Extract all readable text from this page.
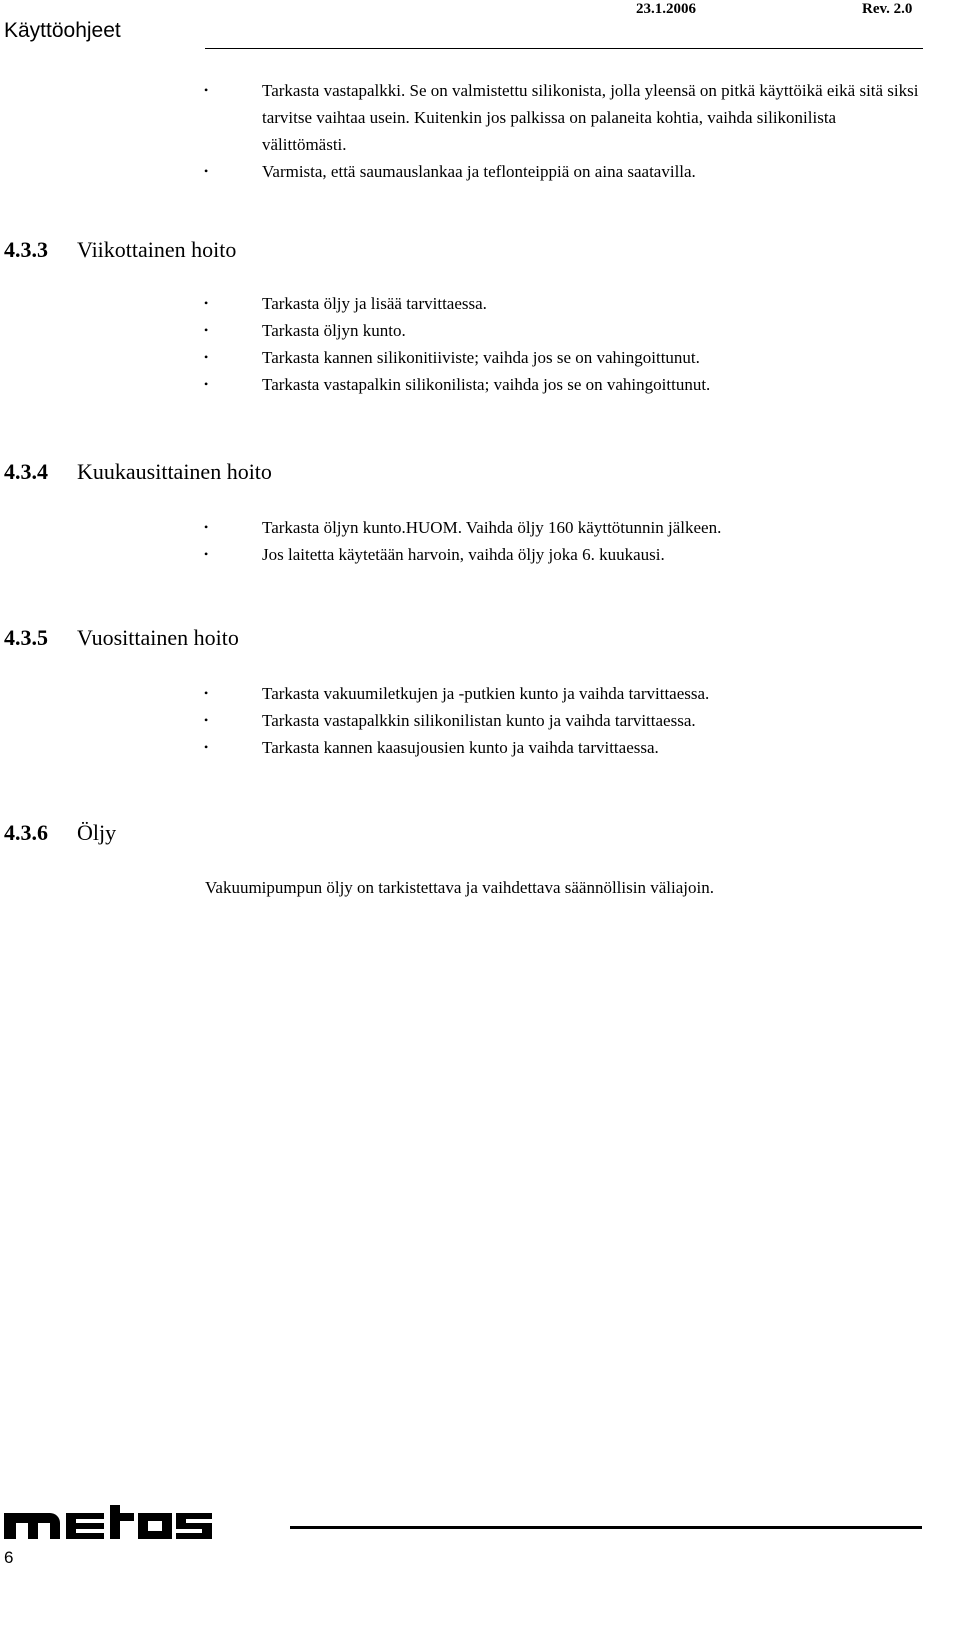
Käyttöohjeet
23.1.2006	Rev. 2.0
• Tarkasta vastapalkki. Se on valmistettu silikonista, jolla yleensä on pitkä käyttöikä eikä sitä siksi tarvitse vaihtaa usein. Kuitenkin jos palkissa on palaneita kohtia, vaihda silikonilista välittömästi.
• Varmista, että saumauslankaa ja teflonteippiä on aina saatavilla.
4.3.3 Viikottainen hoito
• Tarkasta öljy ja lisää tarvittaessa.
• Tarkasta öljyn kunto.
• Tarkasta kannen silikonitiiviste; vaihda jos se on vahingoittunut.
• Tarkasta vastapalkin silikonilista; vaihda jos se on vahingoittunut.
4.3.4 Kuukausittainen hoito
• Tarkasta öljyn kunto.HUOM. Vaihda öljy 160 käyttötunnin jälkeen.
• Jos laitetta käytetään harvoin, vaihda öljy joka 6. kuukausi.
4.3.5 Vuosittainen hoito
• Tarkasta vakuumiletkujen ja -putkien kunto ja vaihda tarvittaessa.
• Tarkasta vastapalkkin silikonilistan kunto ja vaihda tarvittaessa.
• Tarkasta kannen kaasujousien kunto ja vaihda tarvittaessa.
4.3.6 Öljy
Vakuumipumpun öljy on tarkistettava ja vaihdettava säännöllisin väliajoin.
6
